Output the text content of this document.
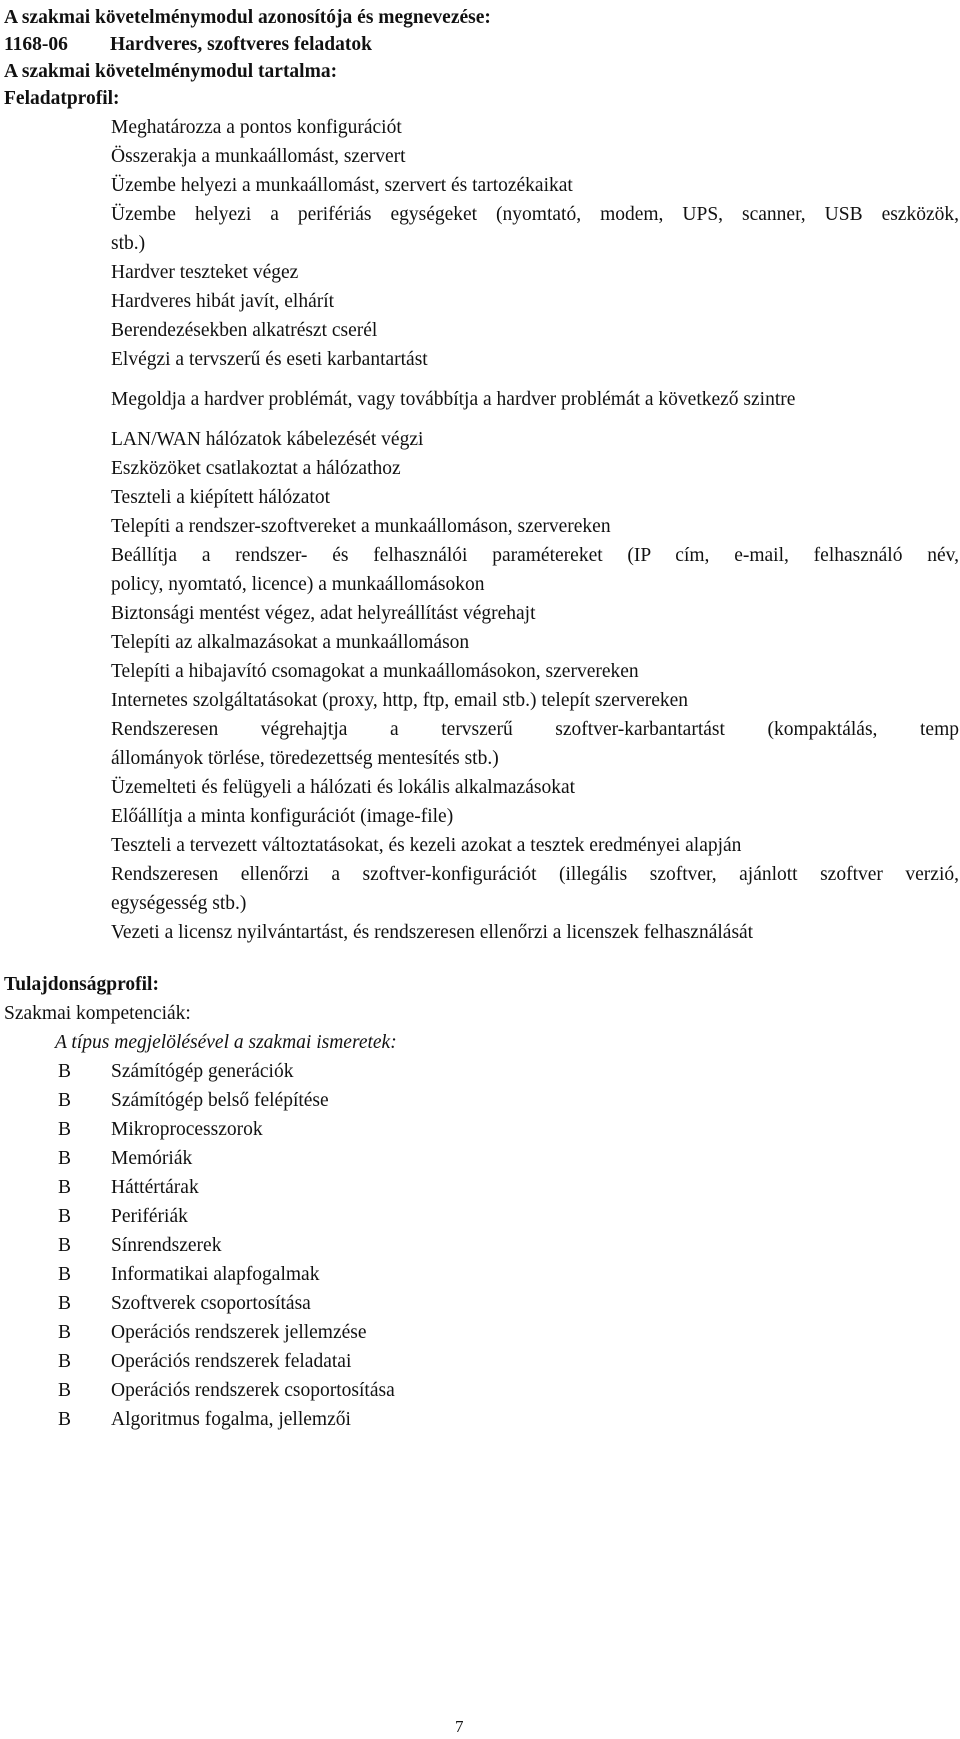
A szakmai követelménymodul azonosítója és megnevezése:
1168-06 Hardveres, szoftveres feladatok
A szakmai követelménymodul tartalma:
Feladatprofil:
Meghatározza a pontos konfigurációt
Összerakja a munkaállomást, szervert
Üzembe helyezi a munkaállomást, szervert és tartozékaikat
Üzembe helyezi a perifériás egységeket (nyomtató, modem, UPS, scanner, USB eszközök,
stb.)
Hardver teszteket végez
Hardveres hibát javít, elhárít
Berendezésekben alkatrészt cserél
Elvégzi a tervszerű és eseti karbantartást
Megoldja a hardver problémát, vagy továbbítja a hardver problémát a következő szintre
LAN/WAN hálózatok kábelezését végzi
Eszközöket csatlakoztat a hálózathoz
Teszteli a kiépített hálózatot
Telepíti a rendszer-szoftvereket a munkaállomáson, szervereken
Beállítja a rendszer- és felhasználói paramétereket (IP cím, e-mail, felhasználó név,
policy, nyomtató, licence) a munkaállomásokon
Biztonsági mentést végez, adat helyreállítást végrehajt
Telepíti az alkalmazásokat a munkaállomáson
Telepíti a hibajavító csomagokat a munkaállomásokon, szervereken
Internetes szolgáltatásokat (proxy, http, ftp, email stb.) telepít szervereken
Rendszeresen végrehajtja a tervszerű szoftver-karbantartást (kompaktálás, temp
állományok törlése, töredezettség mentesítés stb.)
Üzemelteti és felügyeli a hálózati és lokális alkalmazásokat
Előállítja a minta konfigurációt (image-file)
Teszteli a tervezett változtatásokat, és kezeli azokat a tesztek eredményei alapján
Rendszeresen ellenőrzi a szoftver-konfigurációt (illegális szoftver, ajánlott szoftver verzió,
egységesség stb.)
Vezeti a licensz nyilvántartást, és rendszeresen ellenőrzi a licenszek felhasználását
Tulajdonságprofil:
Szakmai kompetenciák:
A típus megjelölésével a szakmai ismeretek:
B Számítógép generációk
B Számítógép belső felépítése
B Mikroprocesszorok
B Memóriák
B Háttértárak
B Perifériák
B Sínrendszerek
B Informatikai alapfogalmak
B Szoftverek csoportosítása
B Operációs rendszerek jellemzése
B Operációs rendszerek feladatai
B Operációs rendszerek csoportosítása
B Algoritmus fogalma, jellemzői
7
